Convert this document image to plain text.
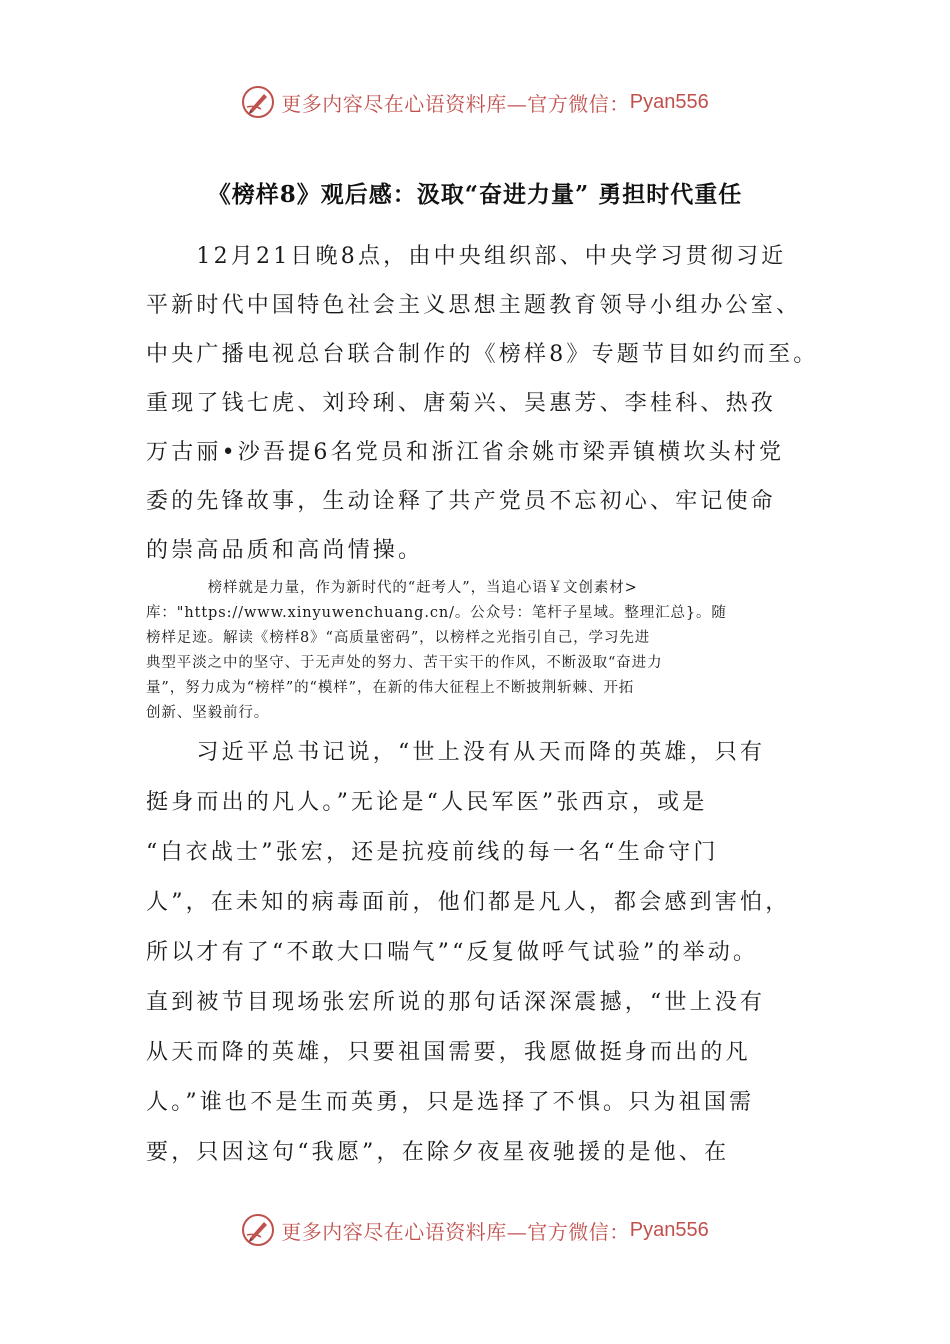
更多内容尽在心语资料库—官方微信： Pyan556
《榜样8》观后感：汲取“奋进力量” 勇担时代重任
　　12月21日晚8点，由中央组织部、中央学习贯彻习近
平新时代中国特色社会主义思想主题教育领导小组办公室、
中央广播电视总台联合制作的《榜样8》专题节目如约而至。
重现了钱七虎、刘玲琍、唐菊兴、吴惠芳、李桂科、热孜
万古丽•沙吾提6名党员和浙江省余姚市梁弄镇横坎头村党
委的先锋故事，生动诠释了共产党员不忘初心、牢记使命
的崇高品质和高尚情操。
　　　　榜样就是力量，作为新时代的“赶考人”，当追心语￥文创素材>
库："https://www.xinyuwenchuang.cn/。公众号：笔杆子星域。整理汇总}。随
榜样足迹。解读《榜样8》“高质量密码”，以榜样之光指引自己，学习先进
典型平淡之中的坚守、于无声处的努力、苦干实干的作风，不断汲取“奋进力
量”，努力成为“榜样”的“模样”，在新的伟大征程上不断披荆斩棘、开拓
创新、坚毅前行。
　　习近平总书记说，“世上没有从天而降的英雄，只有
挺身而出的凡人。”无论是“人民军医”张西京，或是
“白衣战士”张宏，还是抗疫前线的每一名“生命守门
人”，在未知的病毒面前，他们都是凡人，都会感到害怕，
所以才有了“不敢大口喘气”“反复做呼气试验”的举动。
直到被节目现场张宏所说的那句话深深震撼，“世上没有
从天而降的英雄，只要祖国需要，我愿做挺身而出的凡
人。”谁也不是生而英勇，只是选择了不惧。只为祖国需
要，只因这句“我愿”，在除夕夜星夜驰援的是他、在
更多内容尽在心语资料库—官方微信： Pyan556
